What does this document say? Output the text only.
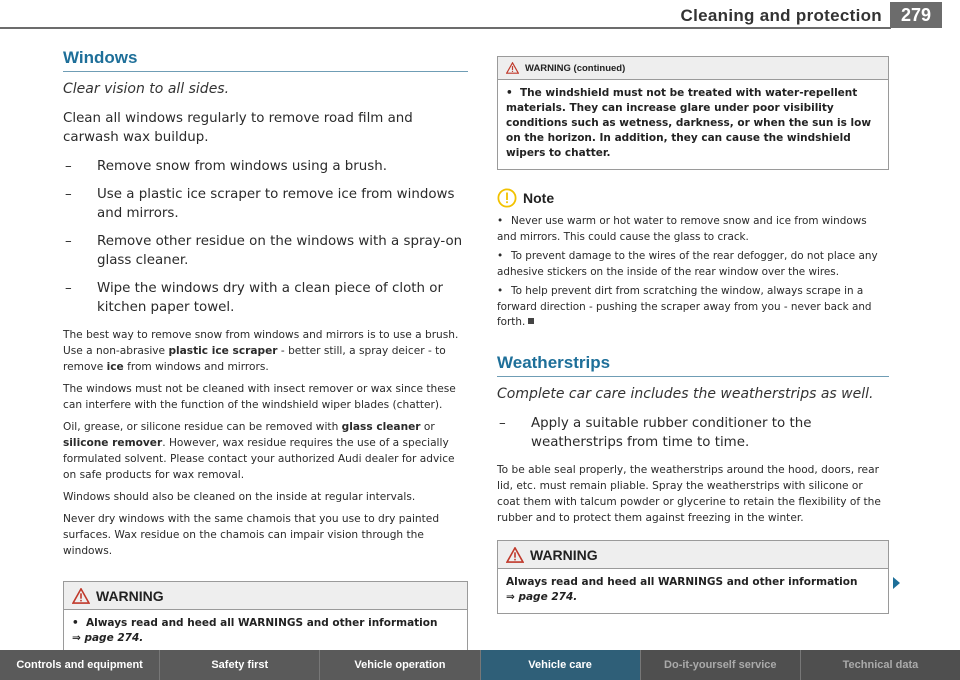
Cleaning and protection	279
Windows

Clear vision to all sides.

Clean all windows regularly to remove road film and carwash wax buildup.

– Remove snow from windows using a brush.
– Use a plastic ice scraper to remove ice from windows and mirrors.
– Remove other residue on the windows with a spray-on glass cleaner.
– Wipe the windows dry with a clean piece of cloth or kitchen paper towel.

The best way to remove snow from windows and mirrors is to use a brush. Use a non-abrasive plastic ice scraper - better still, a spray deicer - to remove ice from windows and mirrors.

The windows must not be cleaned with insect remover or wax since these can interfere with the function of the windshield wiper blades (chatter).

Oil, grease, or silicone residue can be removed with glass cleaner or silicone remover. However, wax residue requires the use of a specially formulated solvent. Please contact your authorized Audi dealer for advice on safe products for wax removal.

Windows should also be cleaned on the inside at regular intervals.

Never dry windows with the same chamois that you use to dry painted surfaces. Wax residue on the chamois can impair vision through the windows.

WARNING
• Always read and heed all WARNINGS and other information
⇒ page 274.
WARNING (continued)
• The windshield must not be treated with water-repellent materials. They can increase glare under poor visibility conditions such as wetness, darkness, or when the sun is low on the horizon. In addition, they can cause the windshield wipers to chatter.
Note

• Never use warm or hot water to remove snow and ice from windows and mirrors. This could cause the glass to crack.

• To prevent damage to the wires of the rear defogger, do not place any adhesive stickers on the inside of the rear window over the wires.

• To help prevent dirt from scratching the window, always scrape in a forward direction - pushing the scraper away from you - never back and forth.

Weatherstrips

Complete car care includes the weatherstrips as well.

– Apply a suitable rubber conditioner to the weatherstrips from time to time.

To be able seal properly, the weatherstrips around the hood, doors, rear lid, etc. must remain pliable. Spray the weatherstrips with silicone or coat them with talcum powder or glycerine to retain the flexibility of the rubber and to protect them against freezing in the winter.

WARNING
Always read and heed all WARNINGS and other information
⇒ page 274.
Controls and equipment	Safety first	Vehicle operation	Vehicle care	Do-it-yourself service	Technical data
